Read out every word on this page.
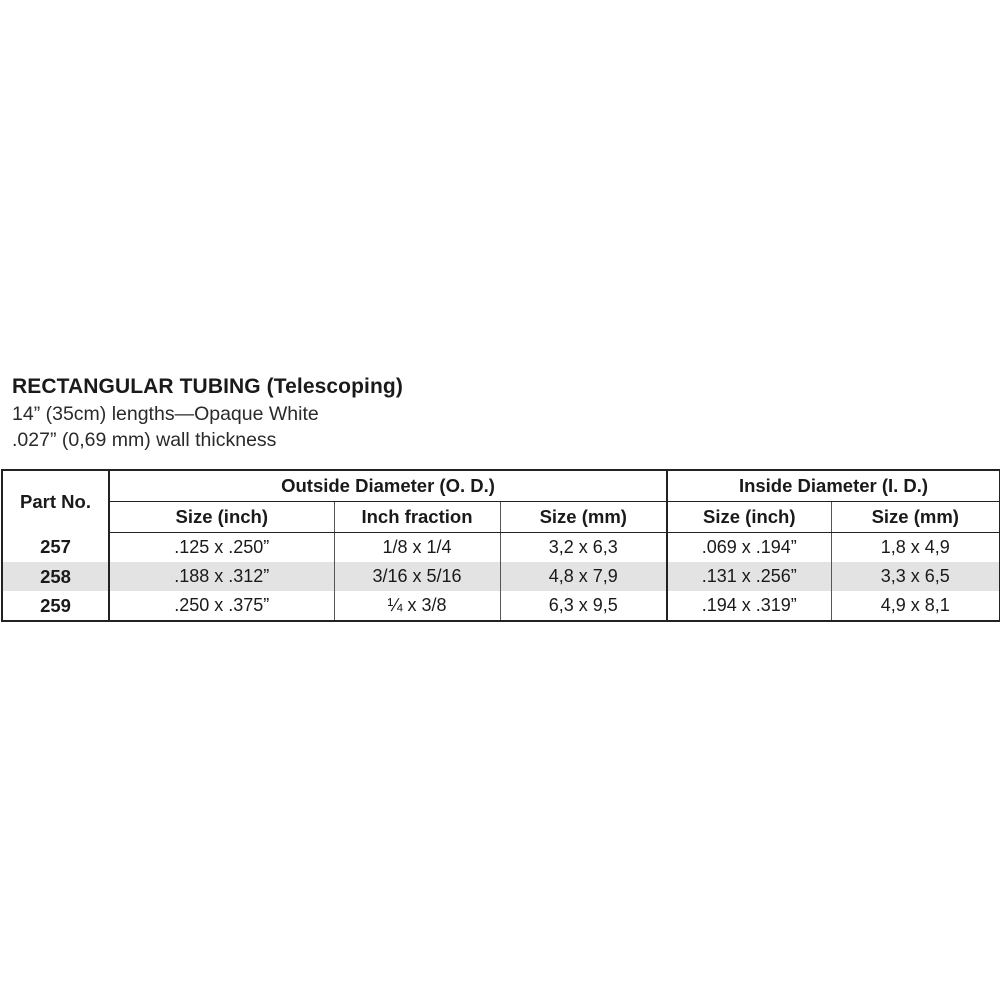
RECTANGULAR TUBING (Telescoping)
14” (35cm) lengths—Opaque White
.027” (0,69 mm) wall thickness
Part No.	Outside Diameter (O. D.)			Inside Diameter (I. D.)	
	Size (inch)	Inch fraction	Size (mm)	Size (inch)	Size (mm)
257	.125 x .250”	1/8 x 1/4	3,2 x 6,3	.069 x .194”	1,8 x 4,9
258	.188 x .312”	3/16 x 5/16	4,8 x 7,9	.131 x .256”	3,3 x 6,5
259	.250 x .375”	¼ x 3/8	6,3 x 9,5	.194 x .319”	4,9 x 8,1
